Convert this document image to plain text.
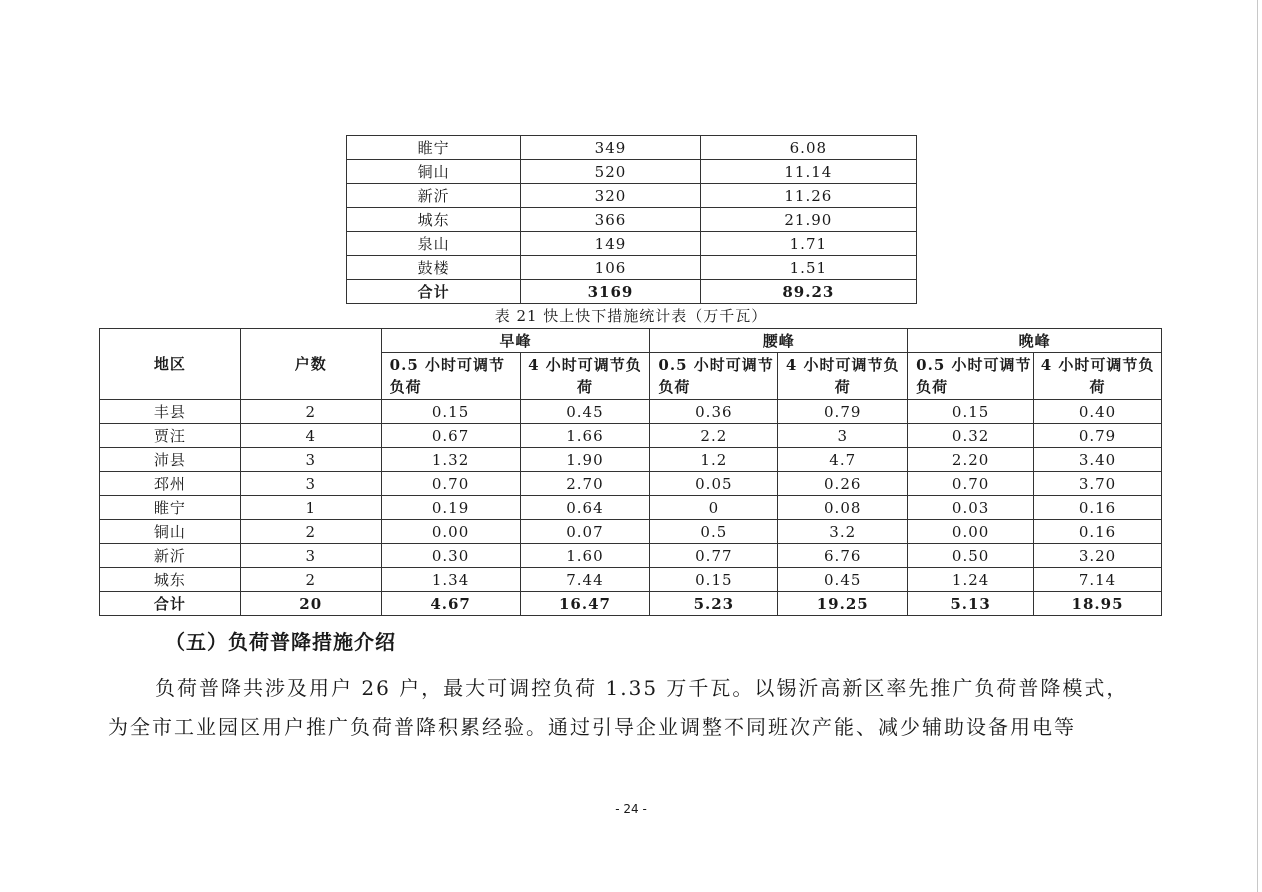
睢宁	349	6.08
铜山	520	11.14
新沂	320	11.26
城东	366	21.90
泉山	149	1.71
鼓楼	106	1.51
合计	3169	89.23
表 21 快上快下措施统计表（万千瓦）
地区	户数	早峰		腰峰		晚峰	
		0.5 小时可调节负荷	4 小时可调节负荷	0.5 小时可调节负荷	4 小时可调节负荷	0.5 小时可调节负荷	4 小时可调节负荷
丰县	2	0.15	0.45	0.36	0.79	0.15	0.40
贾汪	4	0.67	1.66	2.2	3	0.32	0.79
沛县	3	1.32	1.90	1.2	4.7	2.20	3.40
邳州	3	0.70	2.70	0.05	0.26	0.70	3.70
睢宁	1	0.19	0.64	0	0.08	0.03	0.16
铜山	2	0.00	0.07	0.5	3.2	0.00	0.16
新沂	3	0.30	1.60	0.77	6.76	0.50	3.20
城东	2	1.34	7.44	0.15	0.45	1.24	7.14
合计	20	4.67	16.47	5.23	19.25	5.13	18.95
（五）负荷普降措施介绍
负荷普降共涉及用户 26 户，最大可调控负荷 1.35 万千瓦。以锡沂高新区率先推广负荷普降模式，
为全市工业园区用户推广负荷普降积累经验。通过引导企业调整不同班次产能、减少辅助设备用电等
- 24 -
